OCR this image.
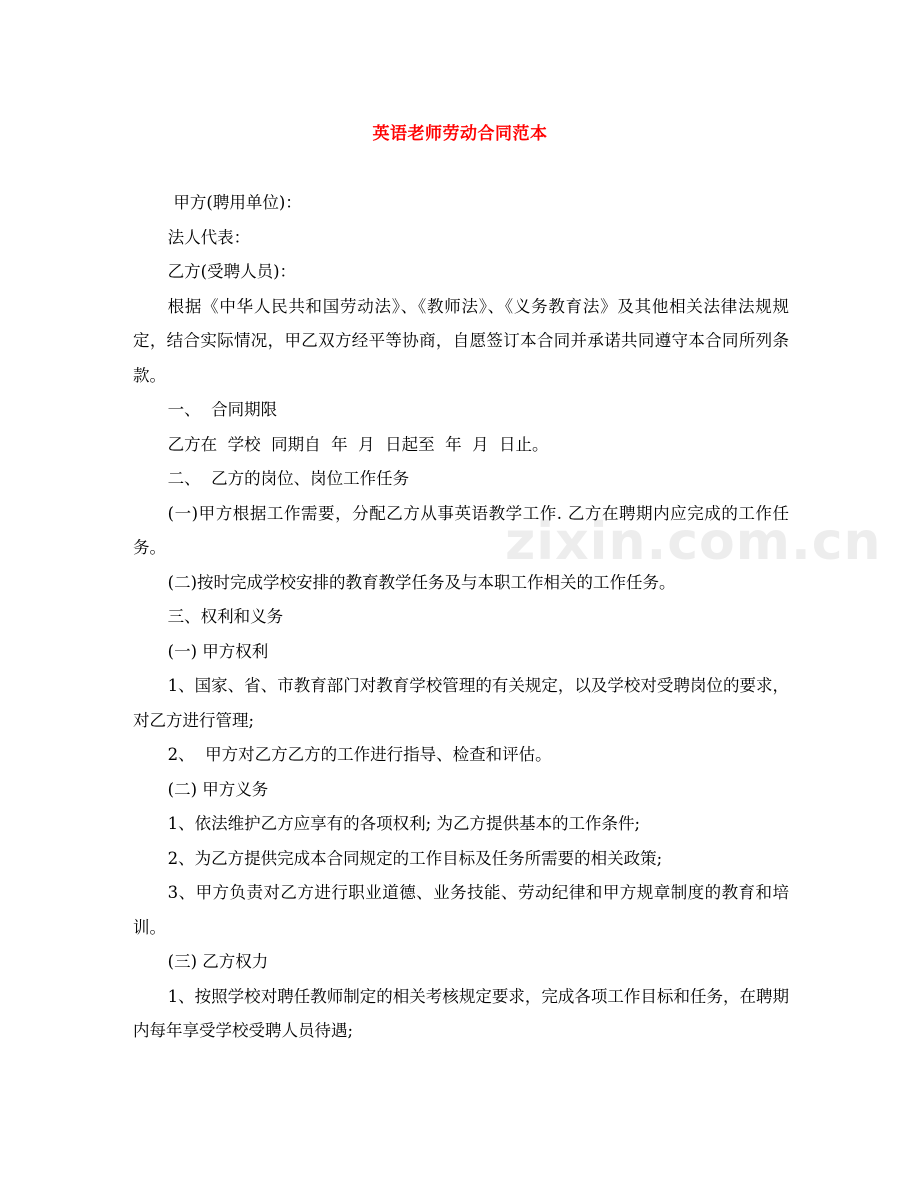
英语老师劳动合同范本
zixin.com.cn

甲方(聘用单位)：

法人代表：

乙方(受聘人员)：

根据《中华人民共和国劳动法》、《教师法》、《义务教育法》及其他相关法律法规规定，结合实际情况，甲乙双方经平等协商，自愿签订本合同并承诺共同遵守本合同所列条款。

一、  合同期限

乙方在  学校  同期自  年  月  日起至  年  月  日止。

二、  乙方的岗位、岗位工作任务

(一)甲方根据工作需要，分配乙方从事英语教学工作. 乙方在聘期内应完成的工作任务。

(二)按时完成学校安排的教育教学任务及与本职工作相关的工作任务。

三、权利和义务

(一) 甲方权利

1、国家、省、市教育部门对教育学校管理的有关规定，以及学校对受聘岗位的要求，对乙方进行管理;

2、  甲方对乙方乙方的工作进行指导、检查和评估。

(二) 甲方义务

1、依法维护乙方应享有的各项权利; 为乙方提供基本的工作条件;

2、为乙方提供完成本合同规定的工作目标及任务所需要的相关政策;

3、甲方负责对乙方进行职业道德、业务技能、劳动纪律和甲方规章制度的教育和培训。

(三) 乙方权力

1、按照学校对聘任教师制定的相关考核规定要求，完成各项工作目标和任务，在聘期内每年享受学校受聘人员待遇;
